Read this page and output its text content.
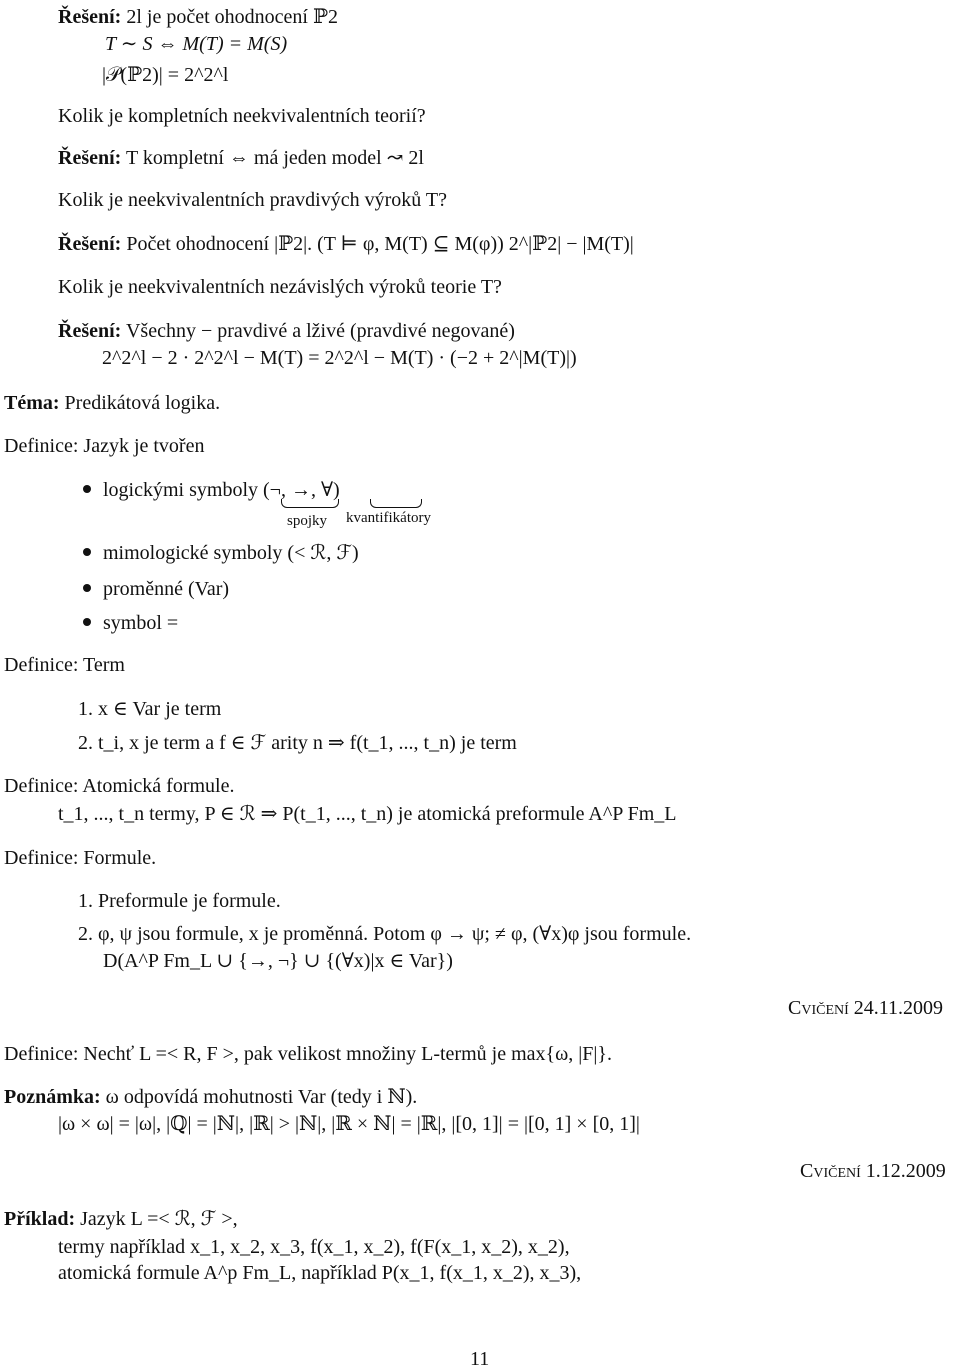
Řešení: 2l je počet ohodnocení ℙ2
T ∼ S ⇔ M(T) = M(S)
|𝒫(ℙ2)| = 2^2^l
Kolik je kompletních neekvivalentních teorií?
Řešení: T kompletní ⇔ má jeden model ↝ 2l
Kolik je neekvivalentních pravdivých výroků T?
Řešení: Počet ohodnocení |ℙ2|. (T ⊨ φ, M(T) ⊆ M(φ)) 2^|ℙ2| − |M(T)|
Kolik je neekvivalentních nezávislých výroků teorie T?
Řešení: Všechny − pravdivé a lživé (pravdivé negované)
2^2^l − 2 · 2^2^l − M(T) = 2^2^l − M(T) · (−2 + 2^|M(T)|)
Téma: Predikátová logika.
Definice: Jazyk je tvořen
logickými symboly (¬, →, ∀)
spojky kvantifikátory
mimologické symboly (< ℛ, ℱ)
proměnné (Var)
symbol =
Definice: Term
1. x ∈ Var je term
2. t_i, x je term a f ∈ ℱ arity n ⇒ f(t_1, ..., t_n) je term
Definice: Atomická formule.
t_1, ..., t_n termy, P ∈ ℛ ⇒ P(t_1, ..., t_n) je atomická preformule A^P Fm_L
Definice: Formule.
1. Preformule je formule.
2. φ, ψ jsou formule, x je proměnná. Potom φ → ψ; ≠ φ, (∀x)φ jsou formule.
D(A^P Fm_L ∪ {→, ¬} ∪ {(∀x)|x ∈ Var})
Cvičení 24.11.2009
Definice: Nechť L =< R, F >, pak velikost množiny L-termů je max{ω, |F|}.
Poznámka: ω odpovídá mohutnosti Var (tedy i ℕ).
|ω × ω| = |ω|, |ℚ| = |ℕ|, |ℝ| > |ℕ|, |ℝ × ℕ| = |ℝ|, |[0, 1]| = |[0, 1] × [0, 1]|
Cvičení 1.12.2009
Příklad: Jazyk L =< ℛ, ℱ >,
termy například x_1, x_2, x_3, f(x_1, x_2), f(F(x_1, x_2), x_2),
atomická formule A^p Fm_L, například P(x_1, f(x_1, x_2), x_3),
11
